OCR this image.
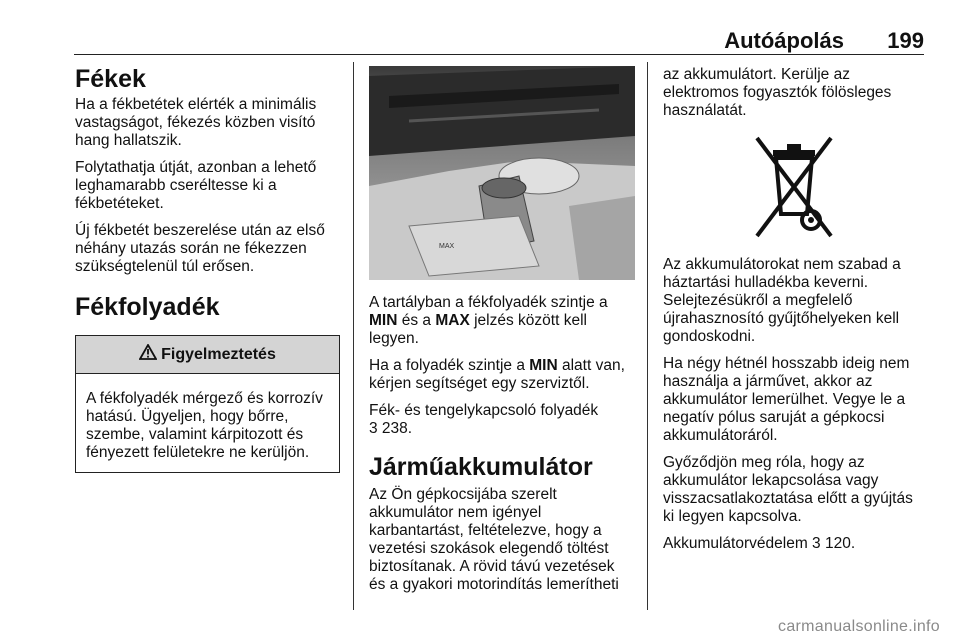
Autóápolás 199
Fékek

Ha a fékbetétek elérték a minimális vastagságot, fékezés közben visító hang hallatszik.

Folytathatja útját, azonban a lehető leghamarabb cseréltesse ki a fékbetéteket.

Új fékbetét beszerelése után az első néhány utazás során ne fékezzen szükségtelenül túl erősen.

Fékfolyadék
Figyelmeztetés

A fékfolyadék mérgező és korrozív hatású. Ügyeljen, hogy bőrre, szembe, valamint kárpitozott és fényezett felületekre ne kerüljön.

MAX

A tartályban a fékfolyadék szintje a MIN és a MAX jelzés között kell legyen.

Ha a folyadék szintje a MIN alatt van, kérjen segítséget egy szerviztől.

Fék- és tengelykapcsoló folyadék
3 238.

Járműakkumulátor

Az Ön gépkocsijába szerelt akkumulátor nem igényel karbantartást, feltételezve, hogy a vezetési szokások elegendő töltést biztosítanak. A rövid távú vezetések és a gyakori motorindítás lemerítheti

az akkumulátort. Kerülje az elektromos fogyasztók fölösleges használatát.

Az akkumulátorokat nem szabad a háztartási hulladékba keverni. Selejtezésükről a megfelelő újrahasznosító gyűjtőhelyeken kell gondoskodni.

Ha négy hétnél hosszabb ideig nem használja a járművet, akkor az akkumulátor lemerülhet. Vegye le a negatív pólus saruját a gépkocsi akkumulátoráról.

Győződjön meg róla, hogy az akkumulátor lekapcsolása vagy visszacsatlakoztatása előtt a gyújtás ki legyen kapcsolva.

Akkumulátorvédelem 3 120.

carmanualsonline.info
